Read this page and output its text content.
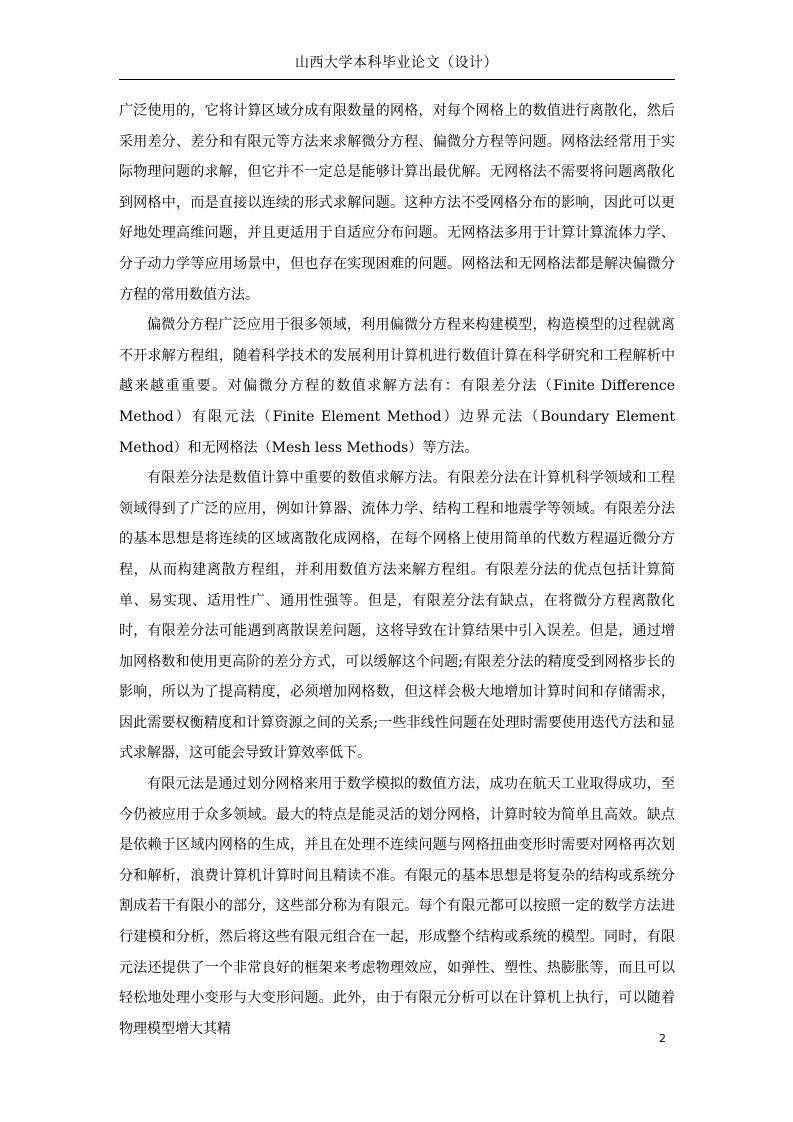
山西大学本科毕业论文（设计）

广泛使用的，它将计算区域分成有限数量的网格，对每个网格上的数值进行离散化，然后采用差分、差分和有限元等方法来求解微分方程、偏微分方程等问题。网格法经常用于实际物理问题的求解，但它并不一定总是能够计算出最优解。无网格法不需要将问题离散化到网格中，而是直接以连续的形式求解问题。这种方法不受网格分布的影响，因此可以更好地处理高维问题，并且更适用于自适应分布问题。无网格法多用于计算计算流体力学、分子动力学等应用场景中，但也存在实现困难的问题。网格法和无网格法都是解决偏微分方程的常用数值方法。

偏微分方程广泛应用于很多领域，利用偏微分方程来构建模型，构造模型的过程就离不开求解方程组，随着科学技术的发展利用计算机进行数值计算在科学研究和工程解析中越来越重重要。对偏微分方程的数值求解方法有：有限差分法（Finite Difference Method）有限元法（Finite Element Method）边界元法（Boundary Element Method）和无网格法（Mesh less Methods）等方法。

有限差分法是数值计算中重要的数值求解方法。有限差分法在计算机科学领域和工程领域得到了广泛的应用，例如计算器、流体力学、结构工程和地震学等领域。有限差分法的基本思想是将连续的区域离散化成网格，在每个网格上使用简单的代数方程逼近微分方程，从而构建离散方程组，并利用数值方法来解方程组。有限差分法的优点包括计算简单、易实现、适用性广、通用性强等。但是，有限差分法有缺点，在将微分方程离散化时，有限差分法可能遇到离散误差问题，这将导致在计算结果中引入误差。但是，通过增加网格数和使用更高阶的差分方式，可以缓解这个问题;有限差分法的精度受到网格步长的影响，所以为了提高精度，必须增加网格数，但这样会极大地增加计算时间和存储需求，因此需要权衡精度和计算资源之间的关系;一些非线性问题在处理时需要使用迭代方法和显式求解器，这可能会导致计算效率低下。

有限元法是通过划分网格来用于数学模拟的数值方法，成功在航天工业取得成功，至今仍被应用于众多领域。最大的特点是能灵活的划分网格，计算时较为简单且高效。缺点是依赖于区域内网格的生成，并且在处理不连续问题与网格扭曲变形时需要对网格再次划分和解析，浪费计算机计算时间且精读不准。有限元的基本思想是将复杂的结构或系统分割成若干有限小的部分，这些部分称为有限元。每个有限元都可以按照一定的数学方法进行建模和分析，然后将这些有限元组合在一起，形成整个结构或系统的模型。同时，有限元法还提供了一个非常良好的框架来考虑物理效应，如弹性、塑性、热膨胀等，而且可以轻松地处理小变形与大变形问题。此外，由于有限元分析可以在计算机上执行，可以随着物理模型增大其精

2
